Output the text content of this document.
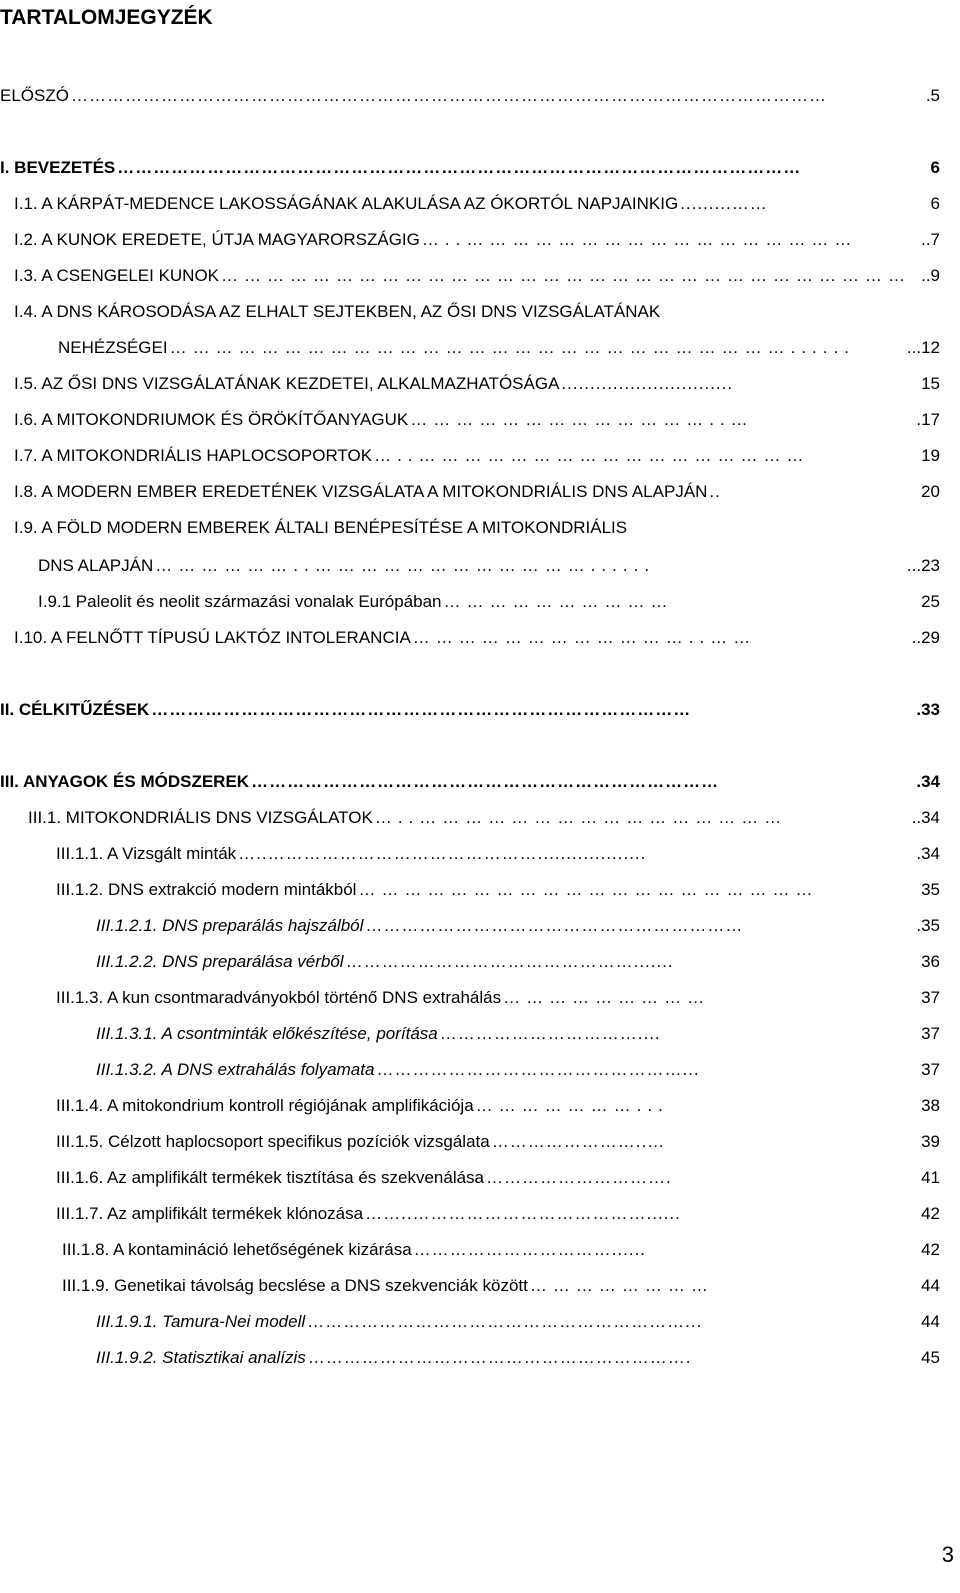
TARTALOMJEGYZÉK
ELŐSZÓ ………………………………………………………………………………………………………………	.5
I. BEVEZETÉS ……………………………………………………………………………………………………	6
I.1. A KÁRPÁT-MEDENCE LAKOSSÁGÁNAK ALAKULÁSA AZ ÓKORTÓL NAPJAINKIG .........……	6
I.2. A KUNOK EREDETE, ÚTJA MAGYARORSZÁGIG …..……………………………………………	..7
I.3. A CSENGELEI KUNOK ……………………………………………………………………………… ..9
I.4. A DNS KÁROSODÁSA AZ ELHALT SEJTEKBEN, AZ ŐSI DNS VIZSGÁLATÁNAK
NEHÉZSÉGEI ………………………………………………………………………......	...12
I.5. AZ ŐSI DNS VIZSGÁLATÁNAK KEZDETEI, ALKALMAZHATÓSÁGA ..............................	15
I.6. A MITOKONDRIUMOK ÉS ÖRÖKÍTŐANYAGUK …………………………………..…	.17
I.7. A MITOKONDRIÁLIS HAPLOCSOPORTOK …..……………………………………………	19
I.8. A MODERN EMBER EREDETÉNEK VIZSGÁLATA A MITOKONDRIÁLIS DNS ALAPJÁN ..	20
I.9. A FÖLD MODERN EMBEREK ÁLTALI BENÉPESÍTÉSE A MITOKONDRIÁLIS
DNS ALAPJÁN ………………..………………………………......	...23
I.9.1 Paleolit és neolit származási vonalak Európában …………………………	25
I.10. A FELNŐTT TÍPUSÚ LAKTÓZ INTOLERANCIA ………………………………..……	..29
II. CÉLKITŰZÉSEK ………………………………………………………………………………	.33
III. ANYAGOK ÉS MÓDSZEREK ……………………………………………………………………	.34
III.1. MITOKONDRIÁLIS DNS VIZSGÁLATOK …..…………………………………………	..34
III.1.1. A Vizsgált minták …..………………………………………...................	.34
III.1.2. DNS extrakció modern mintákból ……………………………………………………	35
III.1.2.1. DNS preparálás hajszálból ………………………………………………………	.35
III.1.2.2. DNS preparálása vérből ………………………………………….......	36
III.1.3. A kun csontmaradványokból történő DNS extrahálás ………………………	37
III.1.3.1. A csontminták előkészítése, porítása ……………………………....	37
III.1.3.2. A DNS extrahálás folyamata ……………………………………………...	37
III.1.4. A mitokondrium kontroll régiójának amplifikációja …………………...	38
III.1.5. Célzott haplocsoport specifikus pozíciók vizsgálata ……………………..…	39
III.1.6. Az amplifikált termékek tisztítása és szekvenálása ………………………….	41
III.1.7. Az amplifikált termékek klónozása ……..…………………………………......	42
III.1.8. A kontamináció lehetőségének kizárása ……………………………......	42
III.1.9. Genetikai távolság becslése a DNS szekvenciák között ……………………	44
III.1.9.1. Tamura-Nei modell ………………………………………………………...	44
III.1.9.2. Statisztikai analízis ……………………………………………………….	45
3
